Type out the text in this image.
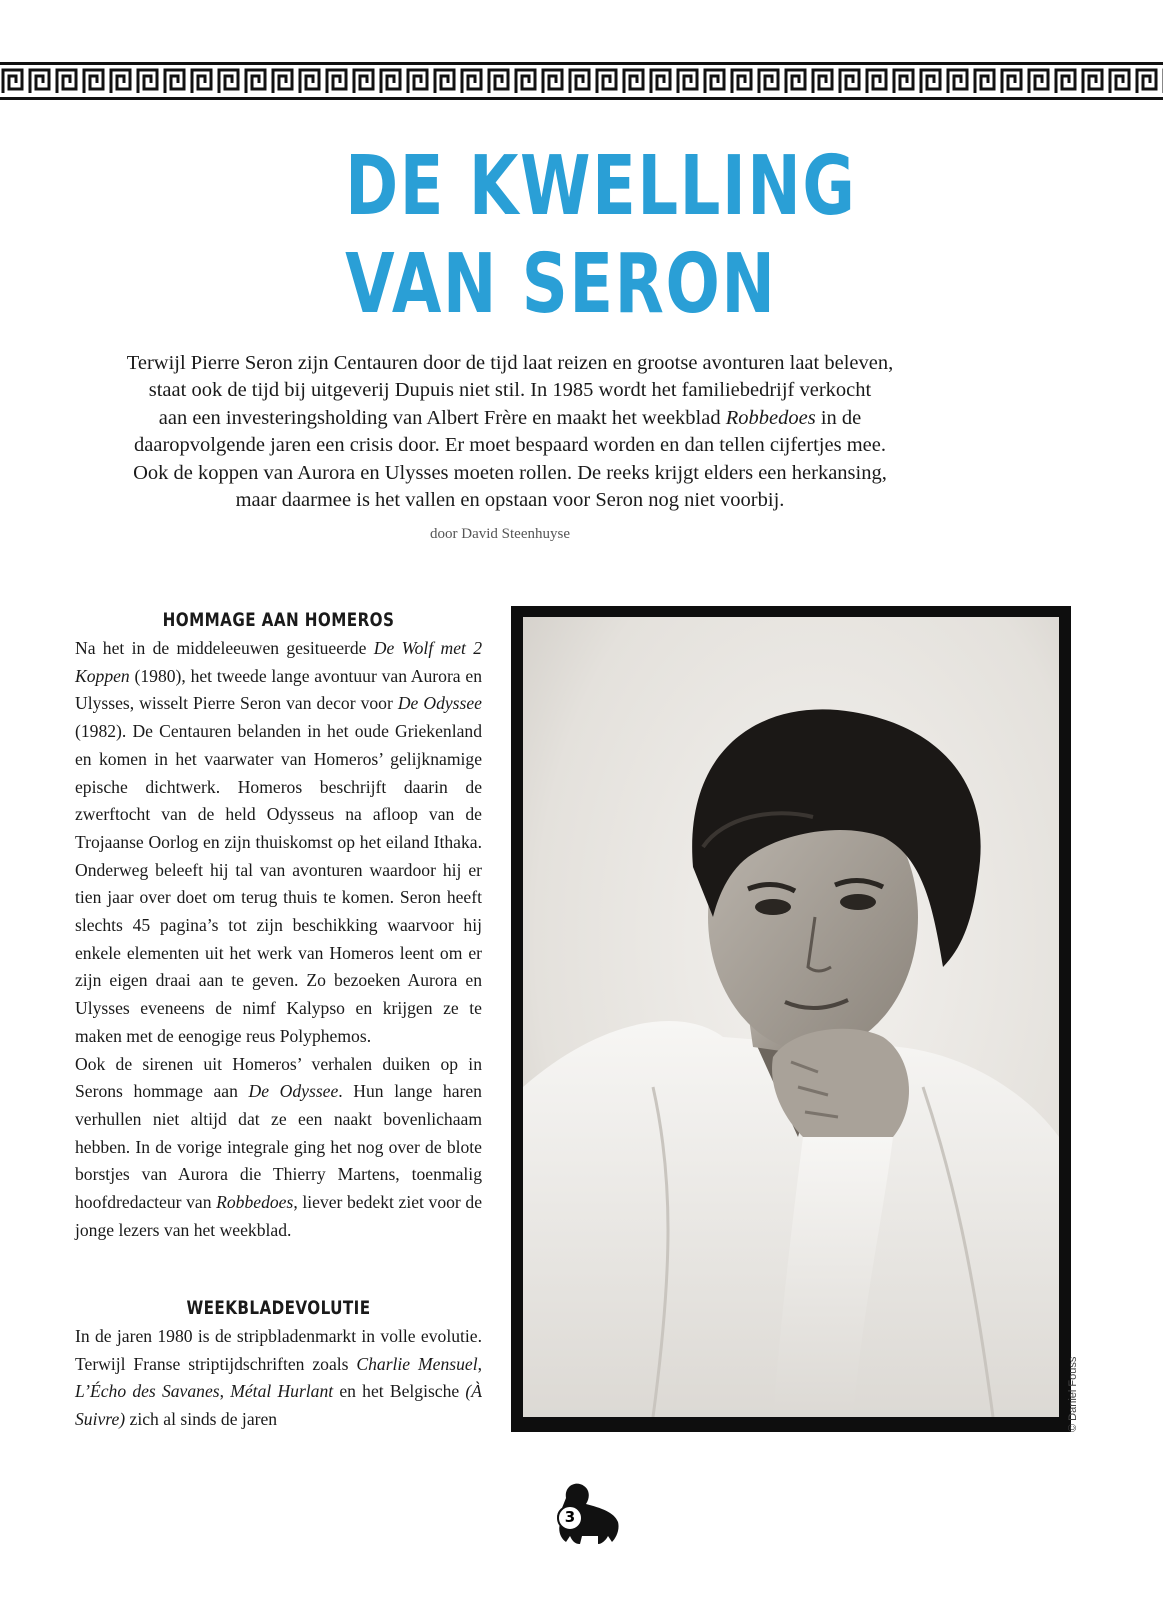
DE KWELLING
VAN SERON
Terwijl Pierre Seron zijn Centauren door de tijd laat reizen en grootse avonturen laat beleven,
staat ook de tijd bij uitgeverij Dupuis niet stil. In 1985 wordt het familiebedrijf verkocht
aan een investeringsholding van Albert Frère en maakt het weekblad Robbedoes in de
daaropvolgende jaren een crisis door. Er moet bespaard worden en dan tellen cijfertjes mee.
Ook de koppen van Aurora en Ulysses moeten rollen. De reeks krijgt elders een herkansing,
maar daarmee is het vallen en opstaan voor Seron nog niet voorbij.
door David Steenhuyse
HOMMAGE AAN HOMEROS

Na het in de middeleeuwen gesitueerde De Wolf met 2 Koppen (1980), het tweede lange avontuur van Aurora en Ulysses, wisselt Pierre Seron van decor voor De Odyssee (1982). De Centauren belanden in het oude Griekenland en komen in het vaarwater van Homeros’ gelijknamige epische dichtwerk. Homeros beschrijft daarin de zwerftocht van de held Odysseus na afloop van de Trojaanse Oorlog en zijn thuiskomst op het eiland Ithaka. Onderweg beleeft hij tal van avonturen waardoor hij er tien jaar over doet om terug thuis te komen. Seron heeft slechts 45 pagina’s tot zijn beschikking waarvoor hij enkele elementen uit het werk van Homeros leent om er zijn eigen draai aan te geven. Zo bezoeken Aurora en Ulysses eveneens de nimf Kalypso en krijgen ze te maken met de eenogige reus Polyphemos.

Ook de sirenen uit Homeros’ verhalen duiken op in Serons hommage aan De Odyssee. Hun lange haren verhullen niet altijd dat ze een naakt bovenlichaam hebben. In de vorige integrale ging het nog over de blote borstjes van Aurora die Thierry Martens, toenmalig hoofdredacteur van Robbedoes, liever bedekt ziet voor de jonge lezers van het weekblad.

WEEKBLADEVOLUTIE

In de jaren 1980 is de stripbladenmarkt in volle evolutie. Terwijl Franse striptijdschriften zoals Charlie Mensuel, L’Écho des Savanes, Métal Hurlant en het Belgische (À Suivre) zich al sinds de jaren	© Daniel Fouss
3
